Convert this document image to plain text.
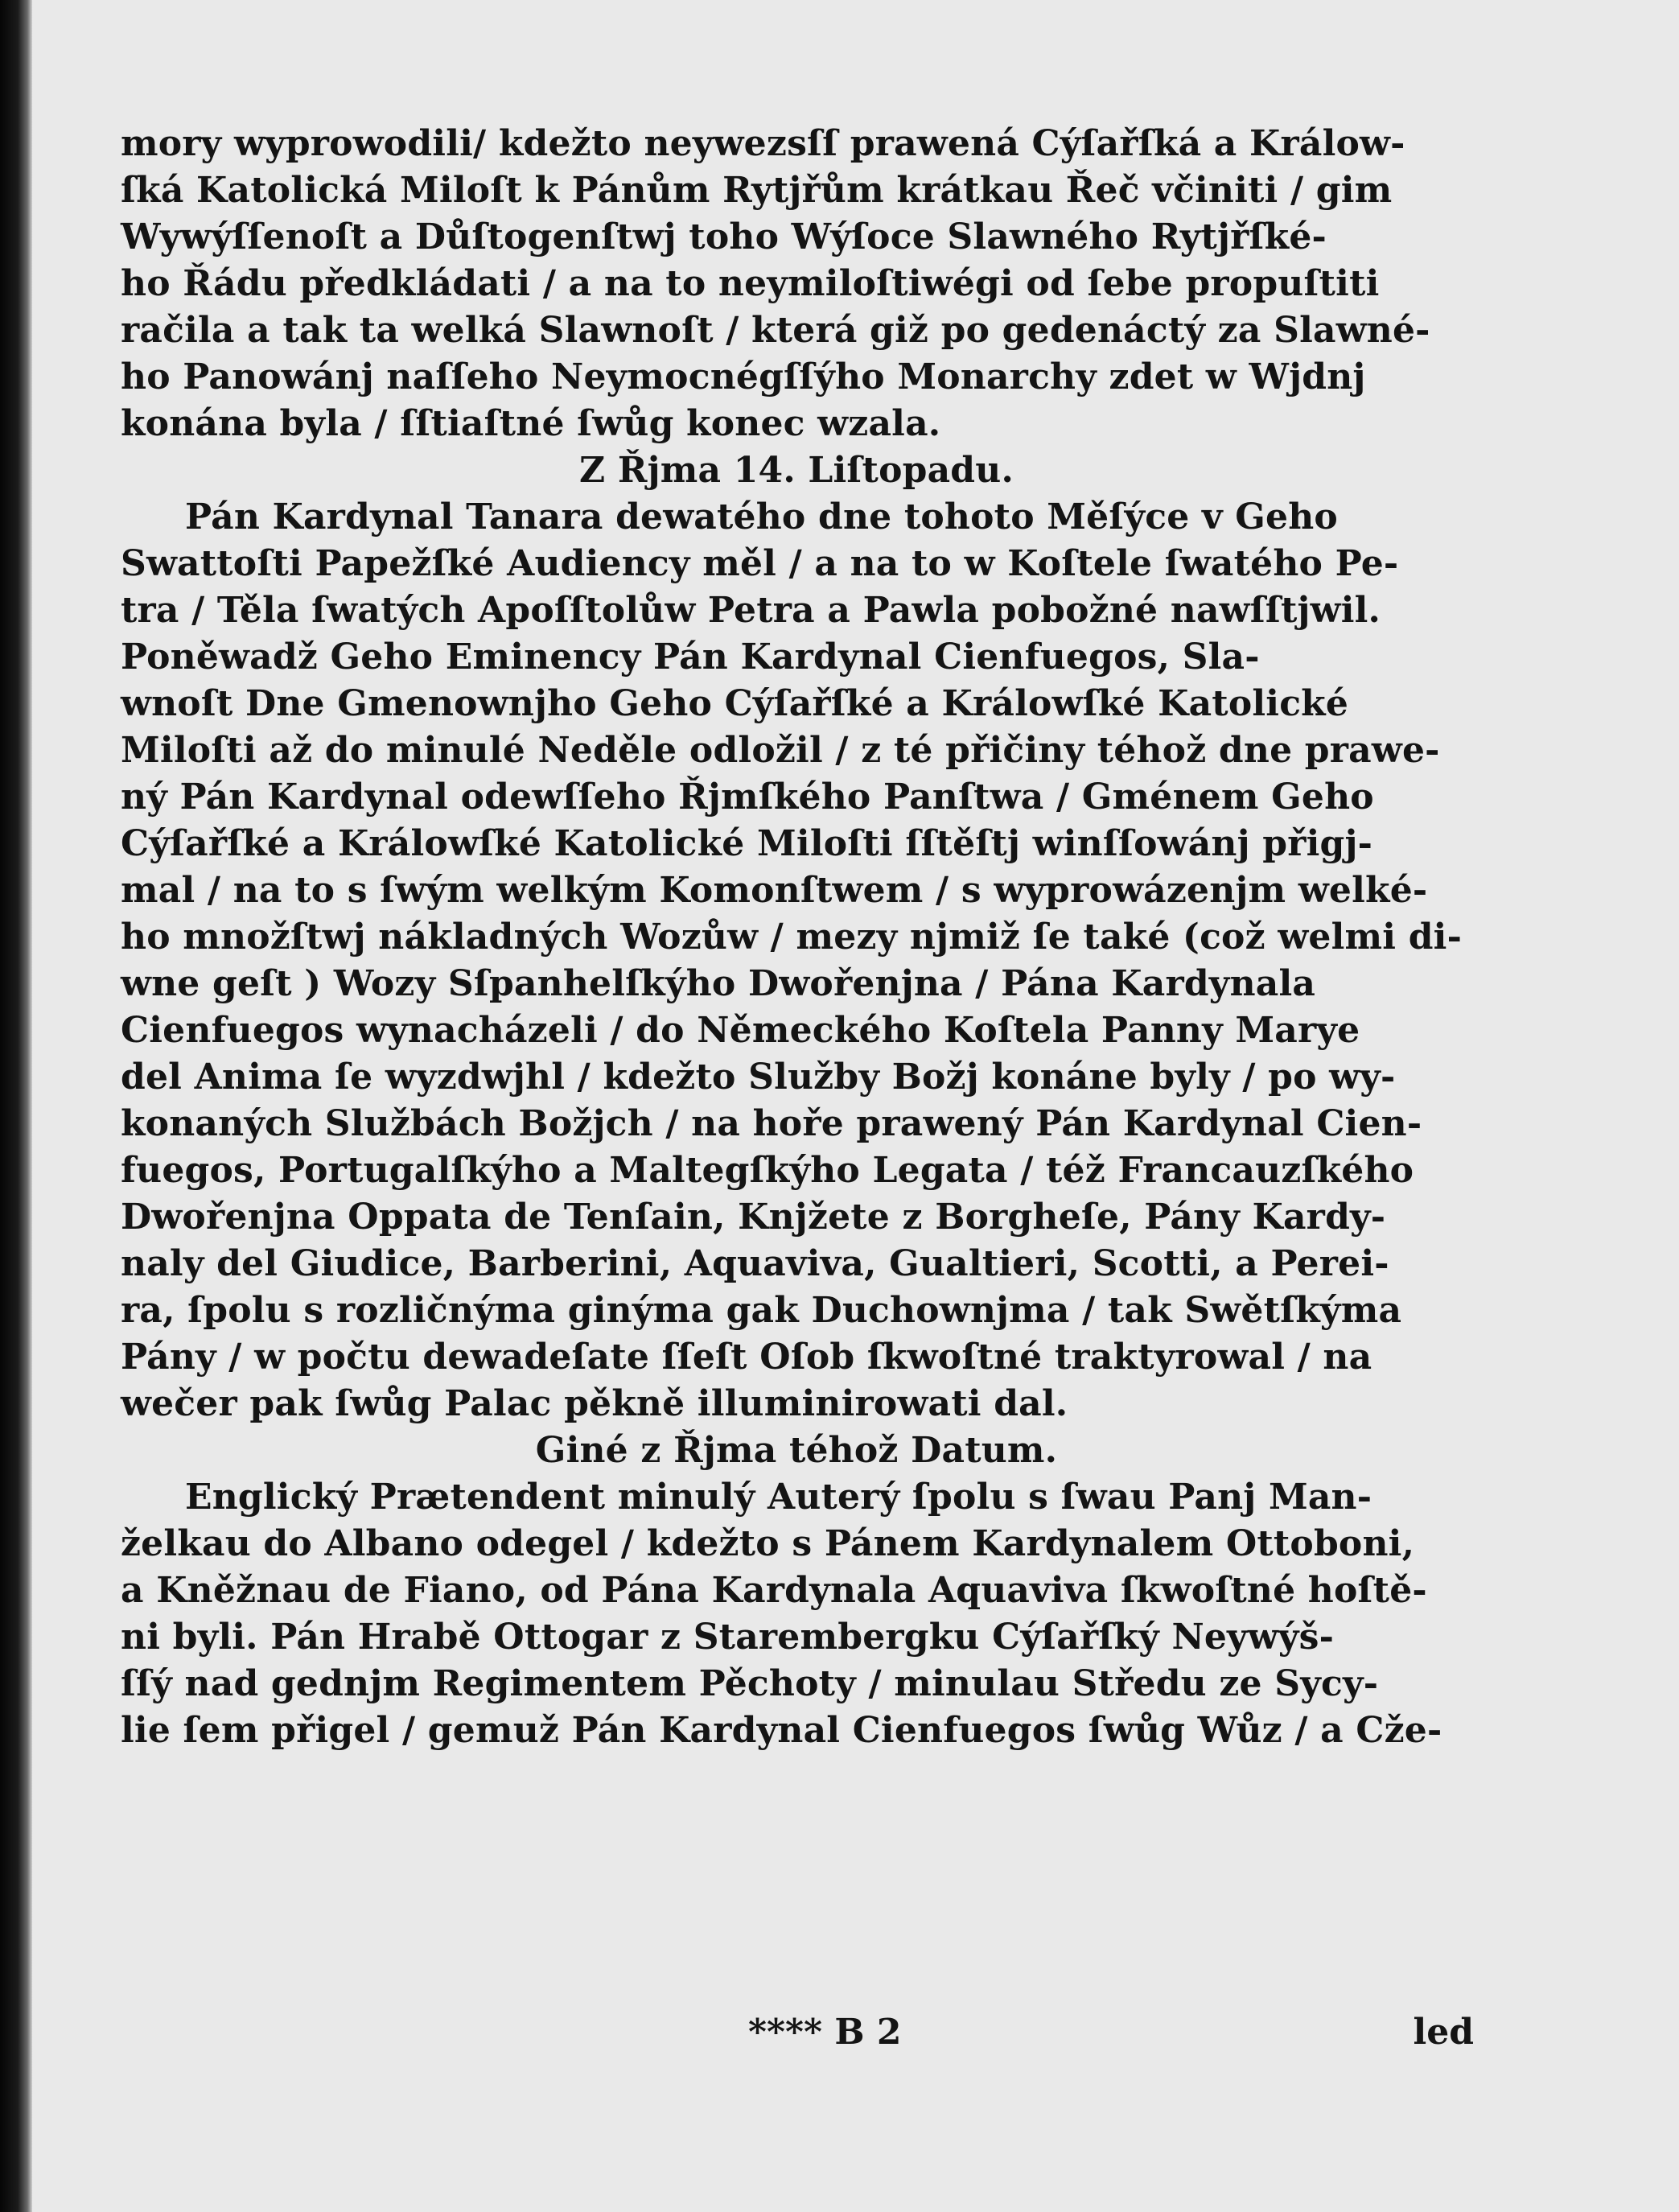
mory wyprowodili/ kdežto neywezsſſ prawená Cýſařſká a Králow-
ſká Katolická Miloſt k Pánům Rytjřům krátkau Řeč včiniti / gim
Wywýſſenoſt a Důſtogenſtwj toho Wýſoce Slawného Rytjřſké-
ho Řádu předkládati / a na to neymiloſtiwégi od ſebe propuſtiti
račila a tak ta welká Slawnoſt / která giž po gedenáctý za Slawné-
ho Panowánj naſſeho Neymocnégſſýho Monarchy zdet w Wjdnj
konána byla / ſſtiaſtné ſwůg konec wzala.
Z Řjma 14. Liſtopadu.
Pán Kardynal Tanara dewatého dne tohoto Měſýce v Geho
Swattoſti Papežſké Audiency měl / a na to w Koſtele ſwatého Pe-
tra / Těla ſwatých Apoſſtolůw Petra a Pawla pobožné nawſſtjwil.
Poněwadž Geho Eminency Pán Kardynal Cienfuegos, Sla-
wnoſt Dne Gmenownjho Geho Cýſařſké a Králowſké Katolické
Miloſti až do minulé Neděle odložil / z té přičiny téhož dne prawe-
ný Pán Kardynal odewſſeho Řjmſkého Panſtwa / Gménem Geho
Cýſařſké a Králowſké Katolické Miloſti ſſtěſtj winſſowánj přigj-
mal / na to s ſwým welkým Komonſtwem / s wyprowázenjm welké-
ho množſtwj nákladných Wozůw / mezy njmiž ſe také (což welmi di-
wne geſt ) Wozy Sſpanhelſkýho Dwořenjna / Pána Kardynala
Cienfuegos wynacházeli / do Německého Koſtela Panny Marye
del Anima ſe wyzdwjhl / kdežto Služby Božj konáne byly / po wy-
konaných Službách Božjch / na hoře prawený Pán Kardynal Cien-
fuegos, Portugalſkýho a Maltegſkýho Legata / též Francauzſkého
Dwořenjna Oppata de Tenſain, Knjžete z Borgheſe, Pány Kardy-
naly del Giudice, Barberini, Aquaviva, Gualtieri, Scotti, a Perei-
ra, ſpolu s rozličnýma ginýma gak Duchownjma / tak Swětſkýma
Pány / w počtu dewadeſate ſſeſt Oſob ſkwoſtné traktyrowal / na
wečer pak ſwůg Palac pěkně illuminirowati dal.
Giné z Řjma téhož Datum.
Englický Prætendent minulý Auterý ſpolu s ſwau Panj Man-
želkau do Albano odegel / kdežto s Pánem Kardynalem Ottoboni,
a Kněžnau de Fiano, od Pána Kardynala Aquaviva ſkwoſtné hoſtě-
ni byli. Pán Hrabě Ottogar z Starembergku Cýſařſký Neywýš-
ſſý nad gednjm Regimentem Pěchoty / minulau Středu ze Sycy-
lie ſem přigel / gemuž Pán Kardynal Cienfuegos ſwůg Wůz / a Cže-
**** B 2	led
